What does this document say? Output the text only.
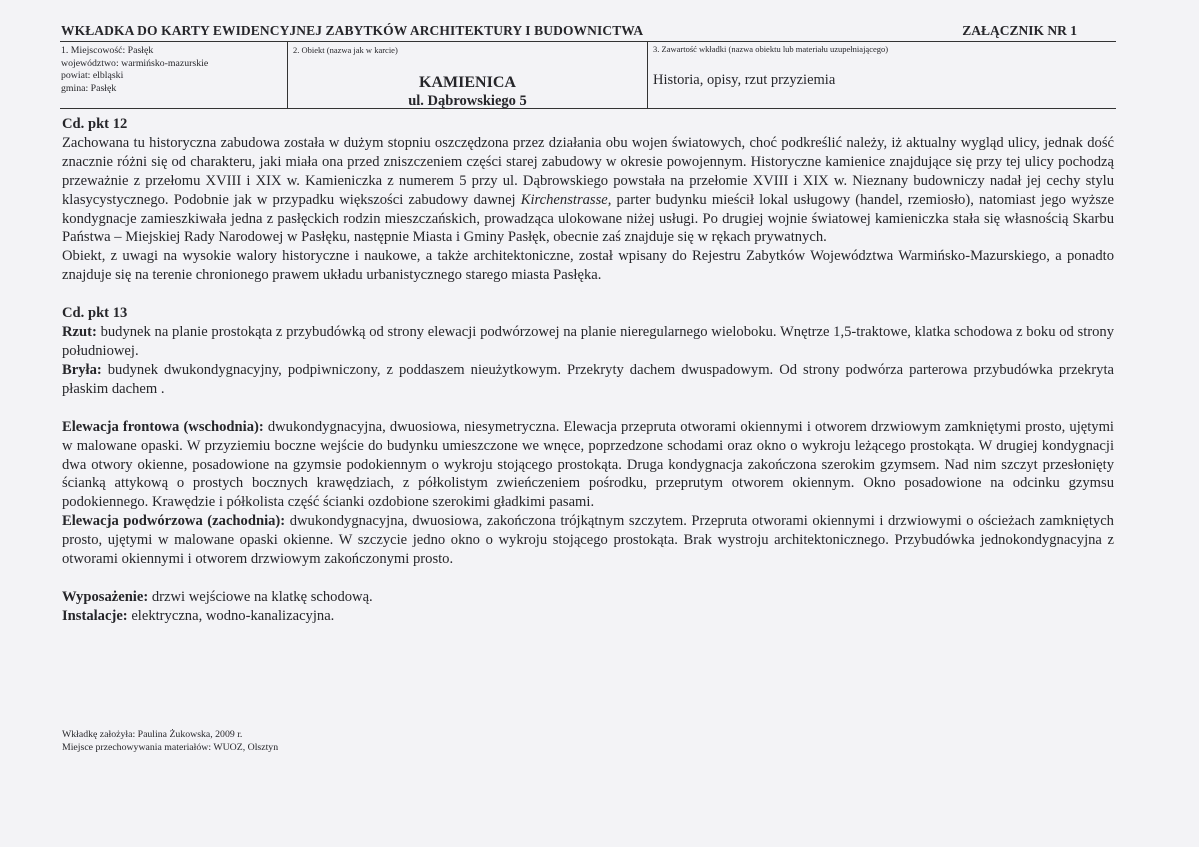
WKŁADKA DO KARTY EWIDENCYJNEJ ZABYTKÓW ARCHITEKTURY I BUDOWNICTWA	ZAŁĄCZNIK NR 1
1. Miejscowość: Pasłęk
województwo: warmińsko-mazurskie
powiat: elbląski
gmina: Pasłęk
2. Obiekt (nazwa jak w karcie)
KAMIENICA
ul. Dąbrowskiego 5
3. Zawartość wkładki (nazwa obiektu lub materiału uzupełniającego)
Historia, opisy, rzut przyziemia

Cd. pkt 12

Zachowana tu historyczna zabudowa została w dużym stopniu oszczędzona przez działania obu wojen światowych, choć podkreślić należy, iż aktualny wygląd ulicy, jednak dość znacznie różni się od charakteru, jaki miała ona przed zniszczeniem części starej zabudowy w okresie powojennym. Historyczne kamienice znajdujące się przy tej ulicy pochodzą przeważnie z przełomu XVIII i XIX w. Kamieniczka z numerem 5 przy ul. Dąbrowskiego powstała na przełomie XVIII i XIX w. Nieznany budowniczy nadał jej cechy stylu klasycystycznego. Podobnie jak w przypadku większości zabudowy dawnej Kirchenstrasse, parter budynku mieścił lokal usługowy (handel, rzemiosło), natomiast jego wyższe kondygnacje zamieszkiwała jedna z pasłęckich rodzin mieszczańskich, prowadząca ulokowane niżej usługi. Po drugiej wojnie światowej kamieniczka stała się własnością Skarbu Państwa – Miejskiej Rady Narodowej w Pasłęku, następnie Miasta i Gminy Pasłęk, obecnie zaś znajduje się w rękach prywatnych.

Obiekt, z uwagi na wysokie walory historyczne i naukowe, a także architektoniczne, został wpisany do Rejestru Zabytków Województwa Warmińsko-Mazurskiego, a ponadto znajduje się na terenie chronionego prawem układu urbanistycznego starego miasta Pasłęka.

Cd. pkt 13

Rzut: budynek na planie prostokąta z przybudówką od strony elewacji podwórzowej na planie nieregularnego wieloboku. Wnętrze 1,5-traktowe, klatka schodowa z boku od strony południowej.

Bryła: budynek dwukondygnacyjny, podpiwniczony, z poddaszem nieużytkowym. Przekryty dachem dwuspadowym. Od strony podwórza parterowa przybudówka przekryta płaskim dachem .

Elewacja frontowa (wschodnia): dwukondygnacyjna, dwuosiowa, niesymetryczna. Elewacja przepruta otworami okiennymi i otworem drzwiowym zamkniętymi prosto, ujętymi w malowane opaski. W przyziemiu boczne wejście do budynku umieszczone we wnęce, poprzedzone schodami oraz okno o wykroju leżącego prostokąta. W drugiej kondygnacji dwa otwory okienne, posadowione na gzymsie podokiennym o wykroju stojącego prostokąta. Druga kondygnacja zakończona szerokim gzymsem. Nad nim szczyt przesłonięty ścianką attykową o prostych bocznych krawędziach, z półkolistym zwieńczeniem pośrodku, przeprutym otworem okiennym. Okno posadowione na odcinku gzymsu podokiennego. Krawędzie i półkolista część ścianki ozdobione szerokimi gładkimi pasami.

Elewacja podwórzowa (zachodnia): dwukondygnacyjna, dwuosiowa, zakończona trójkątnym szczytem. Przepruta otworami okiennymi i drzwiowymi o ościeżach zamkniętych prosto, ujętymi w malowane opaski okienne. W szczycie jedno okno o wykroju stojącego prostokąta. Brak wystroju architektonicznego. Przybudówka jednokondygnacyjna z otworami okiennymi i otworem drzwiowym zakończonymi prosto.

Wyposażenie: drzwi wejściowe na klatkę schodową.

Instalacje: elektryczna, wodno-kanalizacyjna.

Wkładkę założyła: Paulina Żukowska, 2009 r.
Miejsce przechowywania materiałów: WUOZ, Olsztyn
